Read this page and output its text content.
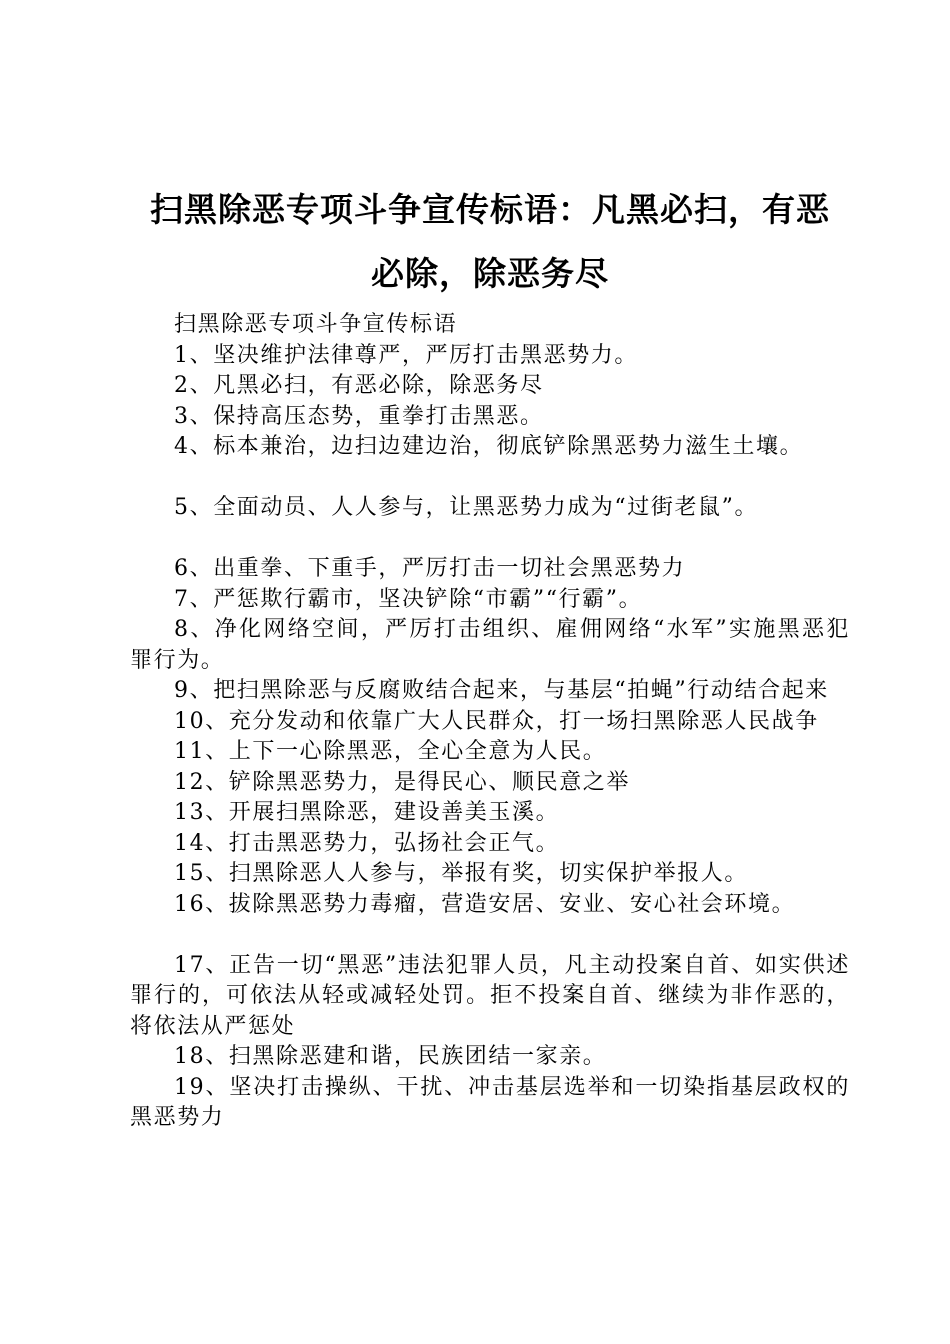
扫黑除恶专项斗争宣传标语：凡黑必扫，有恶
必除，除恶务尽

扫黑除恶专项斗争宣传标语

1、坚决维护法律尊严，严厉打击黑恶势力。

2、凡黑必扫，有恶必除，除恶务尽

3、保持高压态势，重拳打击黑恶。

4、标本兼治，边扫边建边治，彻底铲除黑恶势力滋生土壤。

5、全面动员、人人参与，让黑恶势力成为“过街老鼠”。

6、出重拳、下重手，严厉打击一切社会黑恶势力

7、严惩欺行霸市，坚决铲除“市霸”“行霸”。

8、净化网络空间，严厉打击组织、雇佣网络“水军”实施黑恶犯罪行为。

9、把扫黑除恶与反腐败结合起来，与基层“拍蝇”行动结合起来

10、充分发动和依靠广大人民群众，打一场扫黑除恶人民战争

11、上下一心除黑恶，全心全意为人民。

12、铲除黑恶势力，是得民心、顺民意之举

13、开展扫黑除恶，建设善美玉溪。

14、打击黑恶势力，弘扬社会正气。

15、扫黑除恶人人参与，举报有奖，切实保护举报人。

16、拔除黑恶势力毒瘤，营造安居、安业、安心社会环境。

17、正告一切“黑恶”违法犯罪人员，凡主动投案自首、如实供述罪行的，可依法从轻或减轻处罚。拒不投案自首、继续为非作恶的，将依法从严惩处

18、扫黑除恶建和谐，民族团结一家亲。

19、坚决打击操纵、干扰、冲击基层选举和一切染指基层政权的黑恶势力
